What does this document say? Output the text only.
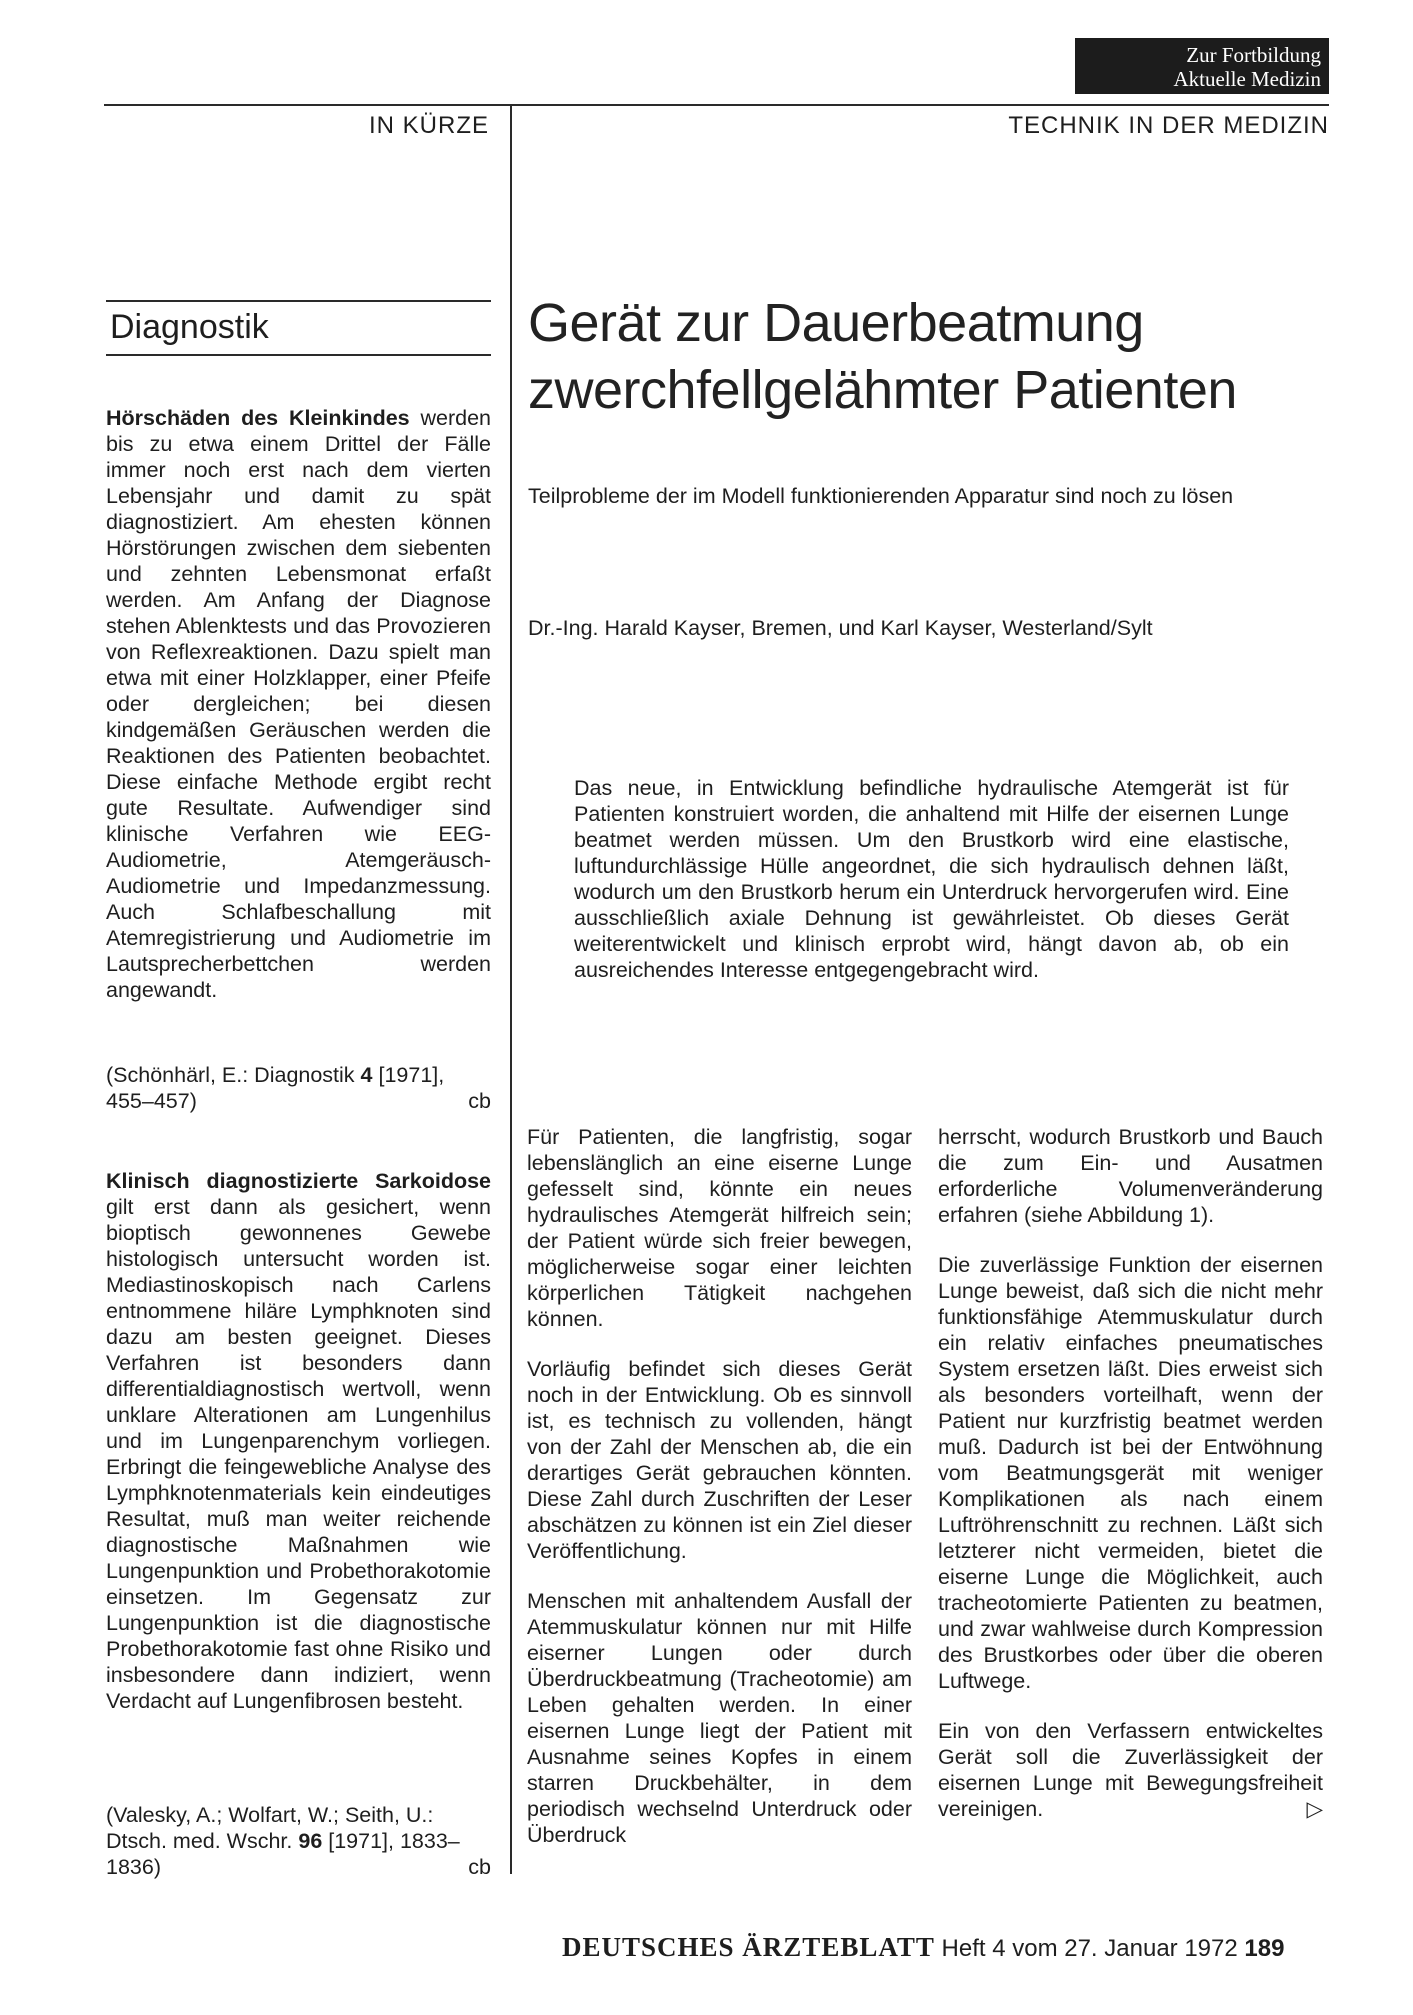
Zur Fortbildung
Aktuelle Medizin
IN KÜRZE	TECHNIK IN DER MEDIZIN
Diagnostik

Hörschäden des Kleinkindes werden bis zu etwa einem Drittel der Fälle immer noch erst nach dem vierten Lebensjahr und damit zu spät diagnostiziert. Am ehesten können Hörstörungen zwischen dem siebenten und zehnten Lebensmonat erfaßt werden. Am Anfang der Diagnose stehen Ablenktests und das Provozieren von Reflexreaktionen. Dazu spielt man etwa mit einer Holzklapper, einer Pfeife oder dergleichen; bei diesen kindgemäßen Geräuschen werden die Reaktionen des Patienten beobachtet. Diese einfache Methode ergibt recht gute Resultate. Aufwendiger sind klinische Verfahren wie EEG-Audiometrie, Atemgeräusch-Audiometrie und Impedanzmessung. Auch Schlafbeschallung mit Atemregistrierung und Audiometrie im Lautsprecherbettchen werden angewandt.

(Schönhärl, E.: Diagnostik 4 [1971], 455–457)	cb

Klinisch diagnostizierte Sarkoidose gilt erst dann als gesichert, wenn bioptisch gewonnenes Gewebe histologisch untersucht worden ist. Mediastinoskopisch nach Carlens entnommene hiläre Lymphknoten sind dazu am besten geeignet. Dieses Verfahren ist besonders dann differentialdiagnostisch wertvoll, wenn unklare Alterationen am Lungenhilus und im Lungenparenchym vorliegen. Erbringt die feingewebliche Analyse des Lymphknotenmaterials kein eindeutiges Resultat, muß man weiter reichende diagnostische Maßnahmen wie Lungenpunktion und Probethorakotomie einsetzen. Im Gegensatz zur Lungenpunktion ist die diagnostische Probethorakotomie fast ohne Risiko und insbesondere dann indiziert, wenn Verdacht auf Lungenfibrosen besteht.

(Valesky, A.; Wolfart, W.; Seith, U.: Dtsch. med. Wschr. 96 [1971], 1833–1836)	cb
Gerät zur Dauerbeatmung
zwerchfellgelähmter Patienten
Teilprobleme der im Modell funktionierenden Apparatur sind noch zu lösen
Dr.-Ing. Harald Kayser, Bremen, und Karl Kayser, Westerland/Sylt
Das neue, in Entwicklung befindliche hydraulische Atemgerät ist für Patienten konstruiert worden, die anhaltend mit Hilfe der eisernen Lunge beatmet werden müssen. Um den Brustkorb wird eine elastische, luftundurchlässige Hülle angeordnet, die sich hydraulisch dehnen läßt, wodurch um den Brustkorb herum ein Unterdruck hervorgerufen wird. Eine ausschließlich axiale Dehnung ist gewährleistet. Ob dieses Gerät weiterentwickelt und klinisch erprobt wird, hängt davon ab, ob ein ausreichendes Interesse entgegengebracht wird.

Für Patienten, die langfristig, sogar lebenslänglich an eine eiserne Lunge gefesselt sind, könnte ein neues hydraulisches Atemgerät hilfreich sein; der Patient würde sich freier bewegen, möglicherweise sogar einer leichten körperlichen Tätigkeit nachgehen können.

Vorläufig befindet sich dieses Gerät noch in der Entwicklung. Ob es sinnvoll ist, es technisch zu vollenden, hängt von der Zahl der Menschen ab, die ein derartiges Gerät gebrauchen könnten. Diese Zahl durch Zuschriften der Leser abschätzen zu können ist ein Ziel dieser Veröffentlichung.

Menschen mit anhaltendem Ausfall der Atemmuskulatur können nur mit Hilfe eiserner Lungen oder durch Überdruckbeatmung (Tracheotomie) am Leben gehalten werden. In einer eisernen Lunge liegt der Patient mit Ausnahme seines Kopfes in einem starren Druckbehälter, in dem periodisch wechselnd Unterdruck oder Überdruck

herrscht, wodurch Brustkorb und Bauch die zum Ein- und Ausatmen erforderliche Volumenveränderung erfahren (siehe Abbildung 1).

Die zuverlässige Funktion der eisernen Lunge beweist, daß sich die nicht mehr funktionsfähige Atemmuskulatur durch ein relativ einfaches pneumatisches System ersetzen läßt. Dies erweist sich als besonders vorteilhaft, wenn der Patient nur kurzfristig beatmet werden muß. Dadurch ist bei der Entwöhnung vom Beatmungsgerät mit weniger Komplikationen als nach einem Luftröhrenschnitt zu rechnen. Läßt sich letzterer nicht vermeiden, bietet die eiserne Lunge die Möglichkeit, auch tracheotomierte Patienten zu beatmen, und zwar wahlweise durch Kompression des Brustkorbes oder über die oberen Luftwege.

Ein von den Verfassern entwickeltes Gerät soll die Zuverlässigkeit der eisernen Lunge mit Bewegungsfreiheit vereinigen.	▷

DEUTSCHES ÄRZTEBLATT Heft 4 vom 27. Januar 1972 189
